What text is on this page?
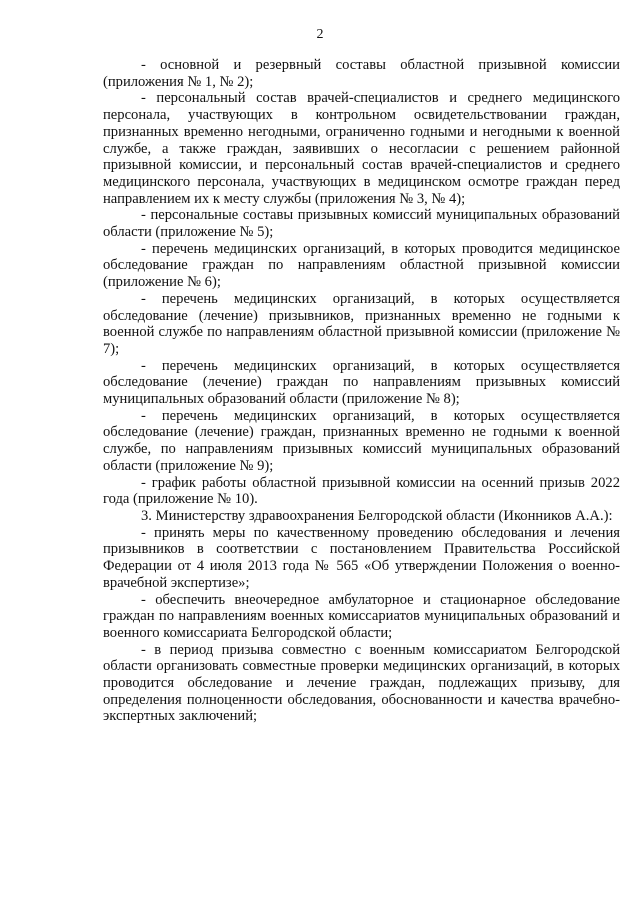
2

- основной и резервный составы областной призывной комиссии (приложения № 1, № 2);

- персональный состав врачей-специалистов и среднего медицинского персонала, участвующих в контрольном освидетельствовании граждан, признанных временно негодными, ограниченно годными и негодными к военной службе, а также граждан, заявивших о несогласии с решением районной призывной комиссии, и персональный состав врачей-специалистов и среднего медицинского персонала, участвующих в медицинском осмотре граждан перед направлением их к месту службы (приложения № 3, № 4);

- персональные составы призывных комиссий муниципальных образований области (приложение № 5);

- перечень медицинских организаций, в которых проводится медицинское обследование граждан по направлениям областной призывной комиссии (приложение № 6);

- перечень медицинских организаций, в которых осуществляется обследование (лечение) призывников, признанных временно не годными к военной службе по направлениям областной призывной комиссии (приложение № 7);

- перечень медицинских организаций, в которых осуществляется обследование (лечение) граждан по направлениям призывных комиссий муниципальных образований области (приложение № 8);

- перечень медицинских организаций, в которых осуществляется обследование (лечение) граждан, признанных временно не годными к военной службе, по направлениям призывных комиссий муниципальных образований области (приложение № 9);

- график работы областной призывной комиссии на осенний призыв 2022 года (приложение № 10).

3. Министерству здравоохранения Белгородской области (Иконников А.А.):

- принять меры по качественному проведению обследования и лечения призывников в соответствии с постановлением Правительства Российской Федерации от 4 июля 2013 года № 565 «Об утверждении Положения о военно-врачебной экспертизе»;

- обеспечить внеочередное амбулаторное и стационарное обследование граждан по направлениям военных комиссариатов муниципальных образований и военного комиссариата Белгородской области;

- в период призыва совместно с военным комиссариатом Белгородской области организовать совместные проверки медицинских организаций, в которых проводится обследование и лечение граждан, подлежащих призыву, для определения полноценности обследования, обоснованности и качества врачебно-экспертных заключений;
